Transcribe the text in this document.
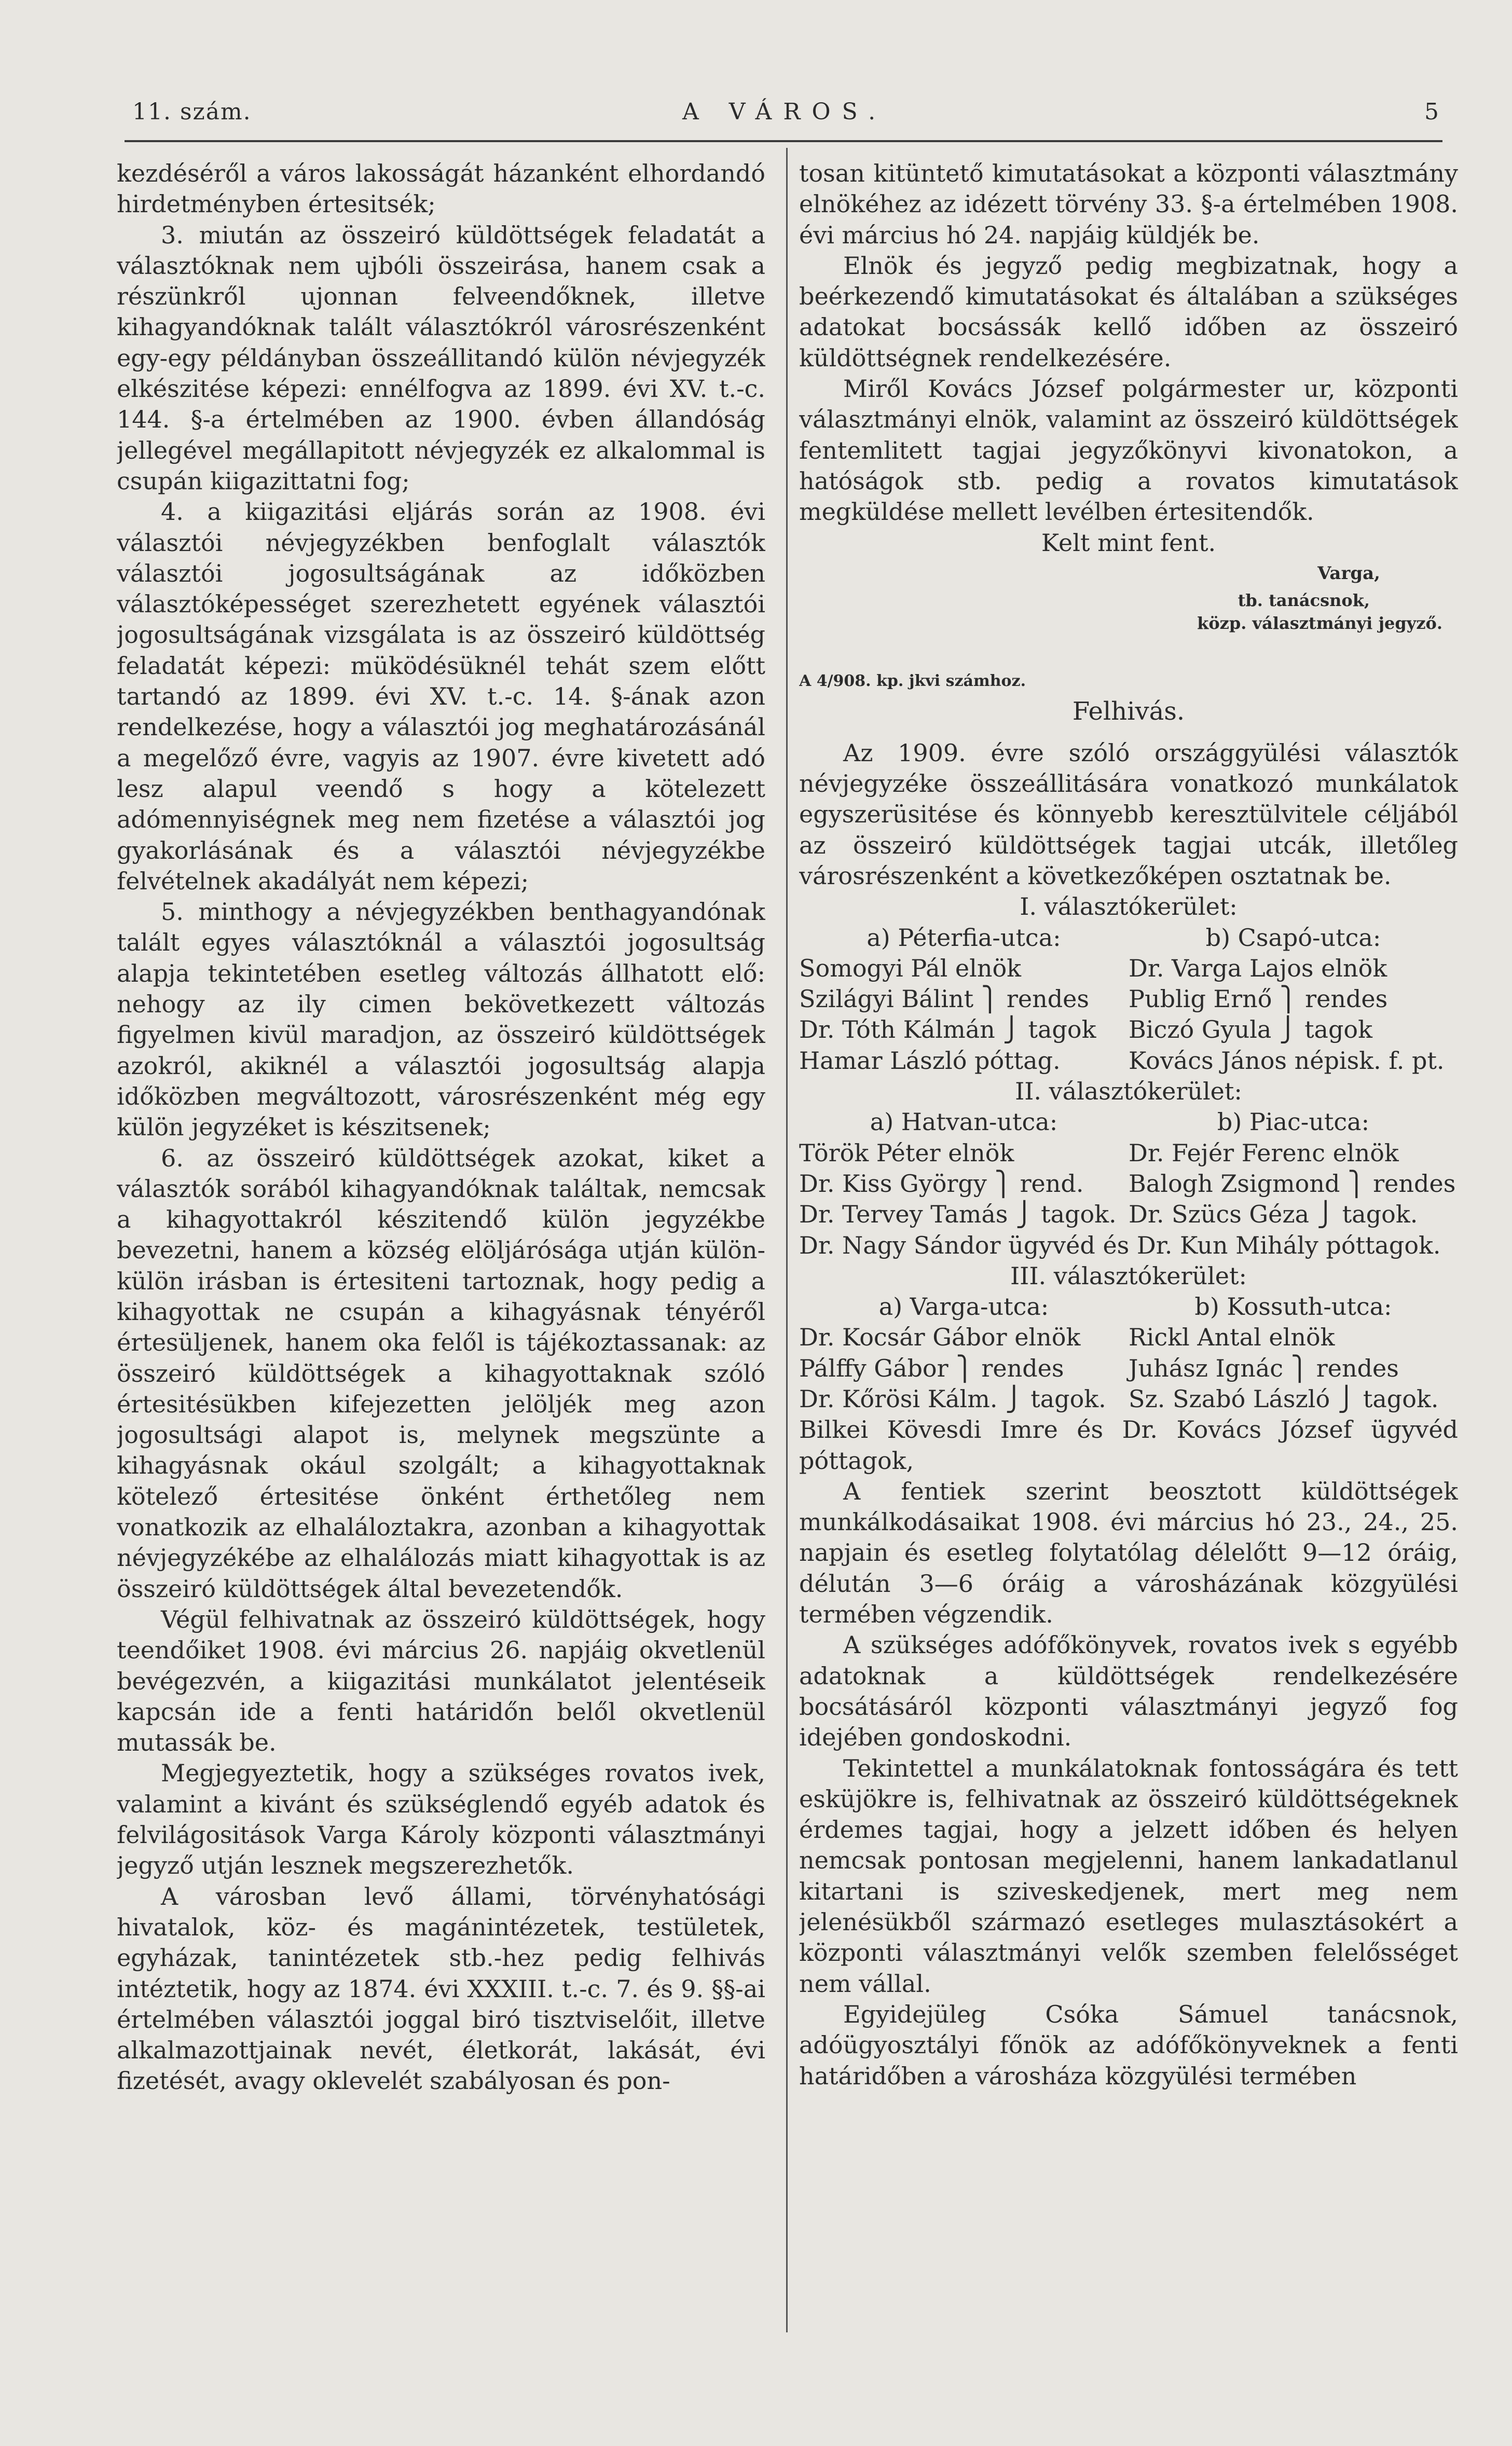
11. szám.	A VÁROS.	5

kezdéséről a város lakosságát házanként elhordandó hirdetményben értesitsék;

3. miután az összeiró küldöttségek feladatát a választóknak nem ujbóli összeirása, hanem csak a részünkről ujonnan felveendőknek, illetve kihagyandóknak talált választókról városrészenként egy-egy példányban összeállitandó külön névjegyzék elkészitése képezi: ennélfogva az 1899. évi XV. t.-c. 144. §-a értelmében az 1900. évben állandóság jellegével megállapitott névjegyzék ez alkalommal is csupán kiigazittatni fog;

4. a kiigazitási eljárás során az 1908. évi választói névjegyzékben benfoglalt választók választói jogosultságának az időközben választóképességet szerezhetett egyének választói jogosultságának vizsgálata is az összeiró küldöttség feladatát képezi: müködésüknél tehát szem előtt tartandó az 1899. évi XV. t.-c. 14. §-ának azon rendelkezése, hogy a választói jog meghatározásánál a megelőző évre, vagyis az 1907. évre kivetett adó lesz alapul veendő s hogy a kötelezett adómennyiségnek meg nem fizetése a választói jog gyakorlásának és a választói névjegyzékbe felvételnek akadályát nem képezi;

5. minthogy a névjegyzékben benthagyandónak talált egyes választóknál a választói jogosultság alapja tekintetében esetleg változás állhatott elő: nehogy az ily cimen bekövetkezett változás figyelmen kivül maradjon, az összeiró küldöttségek azokról, akiknél a választói jogosultság alapja időközben megváltozott, városrészenként még egy külön jegyzéket is készitsenek;

6. az összeiró küldöttségek azokat, kiket a választók sorából kihagyandóknak találtak, nemcsak a kihagyottakról készitendő külön jegyzékbe bevezetni, hanem a község elöljárósága utján külön-külön irásban is értesiteni tartoznak, hogy pedig a kihagyottak ne csupán a kihagyásnak tényéről értesüljenek, hanem oka felől is tájékoztassanak: az összeiró küldöttségek a kihagyottaknak szóló értesitésükben kifejezetten jelöljék meg azon jogosultsági alapot is, melynek megszünte a kihagyásnak okául szolgált; a kihagyottaknak kötelező értesitése önként érthetőleg nem vonatkozik az elhaláloztakra, azonban a kihagyottak névjegyzékébe az elhalálozás miatt kihagyottak is az összeiró küldöttségek által bevezetendők.

Végül felhivatnak az összeiró küldöttségek, hogy teendőiket 1908. évi március 26. napjáig okvetlenül bevégezvén, a kiigazitási munkálatot jelentéseik kapcsán ide a fenti határidőn belől okvetlenül mutassák be.

Megjegyeztetik, hogy a szükséges rovatos ivek, valamint a kivánt és szükséglendő egyéb adatok és felvilágositások Varga Károly központi választmányi jegyző utján lesznek megszerezhetők.

A városban levő állami, törvényhatósági hivatalok, köz- és magánintézetek, testületek, egyházak, tanintézetek stb.-hez pedig felhivás intéztetik, hogy az 1874. évi XXXIII. t.-c. 7. és 9. §§-ai értelmében választói joggal biró tisztviselőit, illetve alkalmazottjainak nevét, életkorát, lakását, évi fizetését, avagy oklevelét szabályosan és pon-

tosan kitüntető kimutatásokat a központi választmány elnökéhez az idézett törvény 33. §-a értelmében 1908. évi március hó 24. napjáig küldjék be.

Elnök és jegyző pedig megbizatnak, hogy a beérkezendő kimutatásokat és általában a szükséges adatokat bocsássák kellő időben az összeiró küldöttségnek rendelkezésére.

Miről Kovács József polgármester ur, központi választmányi elnök, valamint az összeiró küldöttségek fentemlitett tagjai jegyzőkönyvi kivonatokon, a hatóságok stb. pedig a rovatos kimutatások megküldése mellett levélben értesitendők.

Kelt mint fent.

Varga,

tb. tanácsnok,

közp. választmányi jegyző.

A 4/908. kp. jkvi számhoz.

Felhivás.

Az 1909. évre szóló országgyülési választók névjegyzéke összeállitására vonatkozó munkálatok egyszerüsitése és könnyebb keresztülvitele céljából az összeiró küldöttségek tagjai utcák, illetőleg városrészenként a következőképen osztatnak be.

I. választókerület:

a) Péterfia-utca:	b) Csapó-utca:
Somogyi Pál elnök	Dr. Varga Lajos elnök
Szilágyi Bálint ⎫ rendes	Publig Ernő ⎫ rendes
Dr. Tóth Kálmán ⎭ tagok	Biczó Gyula ⎭ tagok
Hamar László póttag.	Kovács János népisk. f. pt.

II. választókerület:

a) Hatvan-utca:	b) Piac-utca:
Török Péter elnök	Dr. Fejér Ferenc elnök
Dr. Kiss György ⎫ rend.	Balogh Zsigmond ⎫ rendes
Dr. Tervey Tamás ⎭ tagok. Dr. Szücs Géza ⎭ tagok.

Dr. Nagy Sándor ügyvéd és Dr. Kun Mihály póttagok.

III. választókerület:

a) Varga-utca:	b) Kossuth-utca:
Dr. Kocsár Gábor elnök	Rickl Antal elnök
Pálffy Gábor ⎫ rendes	Juhász Ignác ⎫ rendes
Dr. Kőrösi Kálm. ⎭ tagok. Sz. Szabó László ⎭ tagok.

Bilkei Kövesdi Imre és Dr. Kovács József ügyvéd póttagok,

A fentiek szerint beosztott küldöttségek munkálkodásaikat 1908. évi március hó 23., 24., 25. napjain és esetleg folytatólag délelőtt 9—12 óráig, délután 3—6 óráig a városházának közgyülési termében végzendik.

A szükséges adófőkönyvek, rovatos ivek s egyébb adatoknak a küldöttségek rendelkezésére bocsátásáról központi választmányi jegyző fog idejében gondoskodni.

Tekintettel a munkálatoknak fontosságára és tett esküjökre is, felhivatnak az összeiró küldöttségeknek érdemes tagjai, hogy a jelzett időben és helyen nemcsak pontosan megjelenni, hanem lankadatlanul kitartani is sziveskedjenek, mert meg nem jelenésükből származó esetleges mulasztásokért a központi választmányi velők szemben felelősséget nem vállal.

Egyidejüleg Csóka Sámuel tanácsnok, adóügyosztályi főnök az adófőkönyveknek a fenti határidőben a városháza közgyülési termében
